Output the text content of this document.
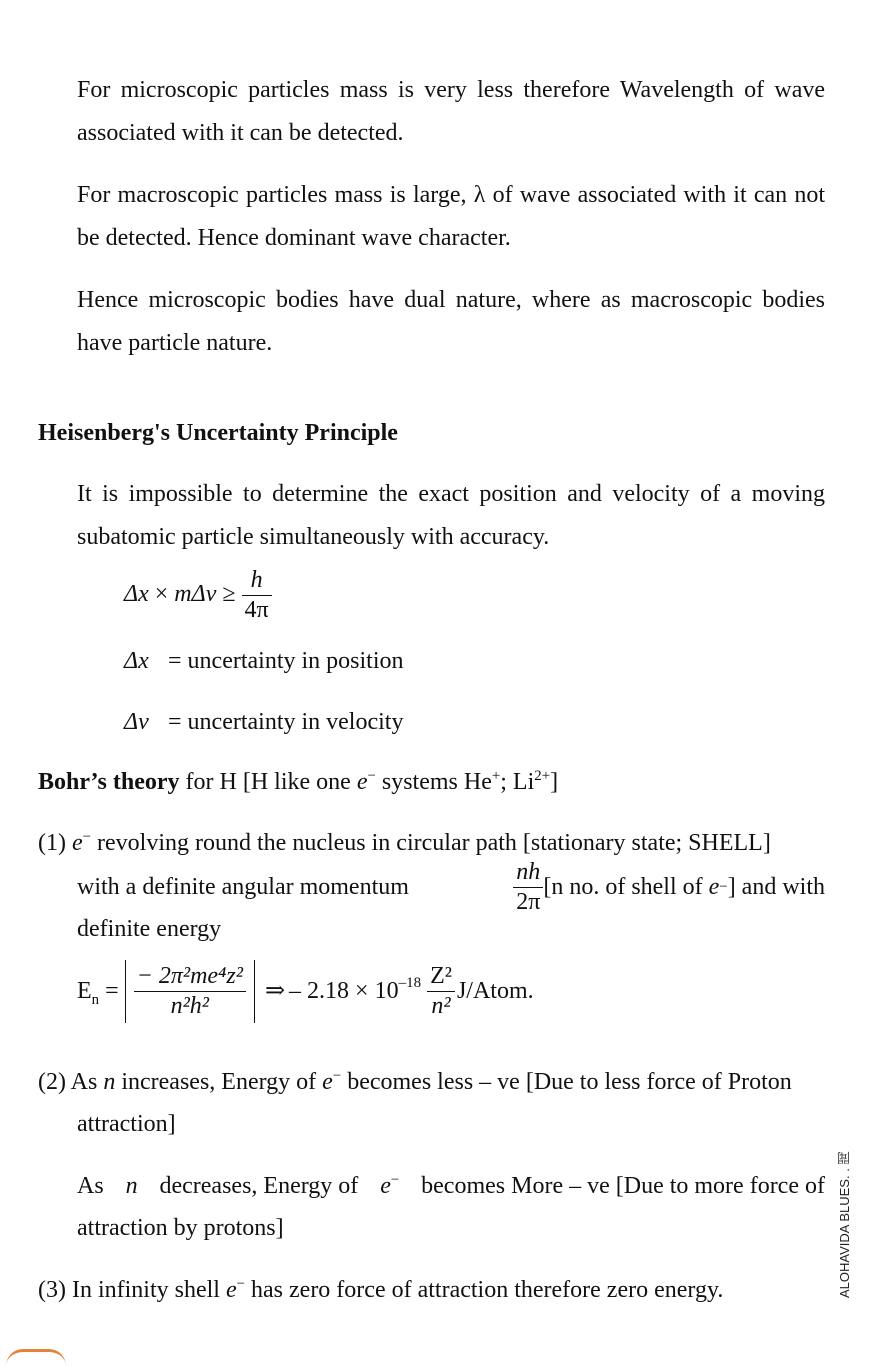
For microscopic particles mass is very less therefore Wavelength of wave associated with it can be detected.
For macroscopic particles mass is large, λ of wave associated with it can not be detected. Hence dominant wave character.
Hence microscopic bodies have dual nature, where as macroscopic bodies have particle nature.
Heisenberg's Uncertainty Principle
It is impossible to determine the exact position and velocity of a moving subatomic particle simultaneously with accuracy.
$\Delta x \times m\Delta v \ge \frac{h}{4\pi}$
Δx = uncertainty in position
Δv = uncertainty in velocity
Bohr’s theory for H [H like one e− systems He+; $Li^{2+}$]
(1) e− revolving round the nucleus in circular path [stationary state; SHELL]
with a definite angular momentum	$\frac{nh}{2\pi} [n$ no. of shell of
e − ] and with
definite energy
$E_n = \frac{\text{− 2π²me⁴z²}}{\text{n²h²}}$ ⇒ – $2.18 \times 10^{-18} \frac{\text{Z²}}{\text{n²}}$ J/Atom.
(2) As n increases, Energy of e− becomes less – ve [Due to less force of Proton
attraction]
As n decreases, Energy of e− becomes More – ve [Due to more force of
attraction by protons]
(3) In infinity shell e− has zero force of attraction therefore zero energy.	ALOHAVIDA BLUES. . 聞
